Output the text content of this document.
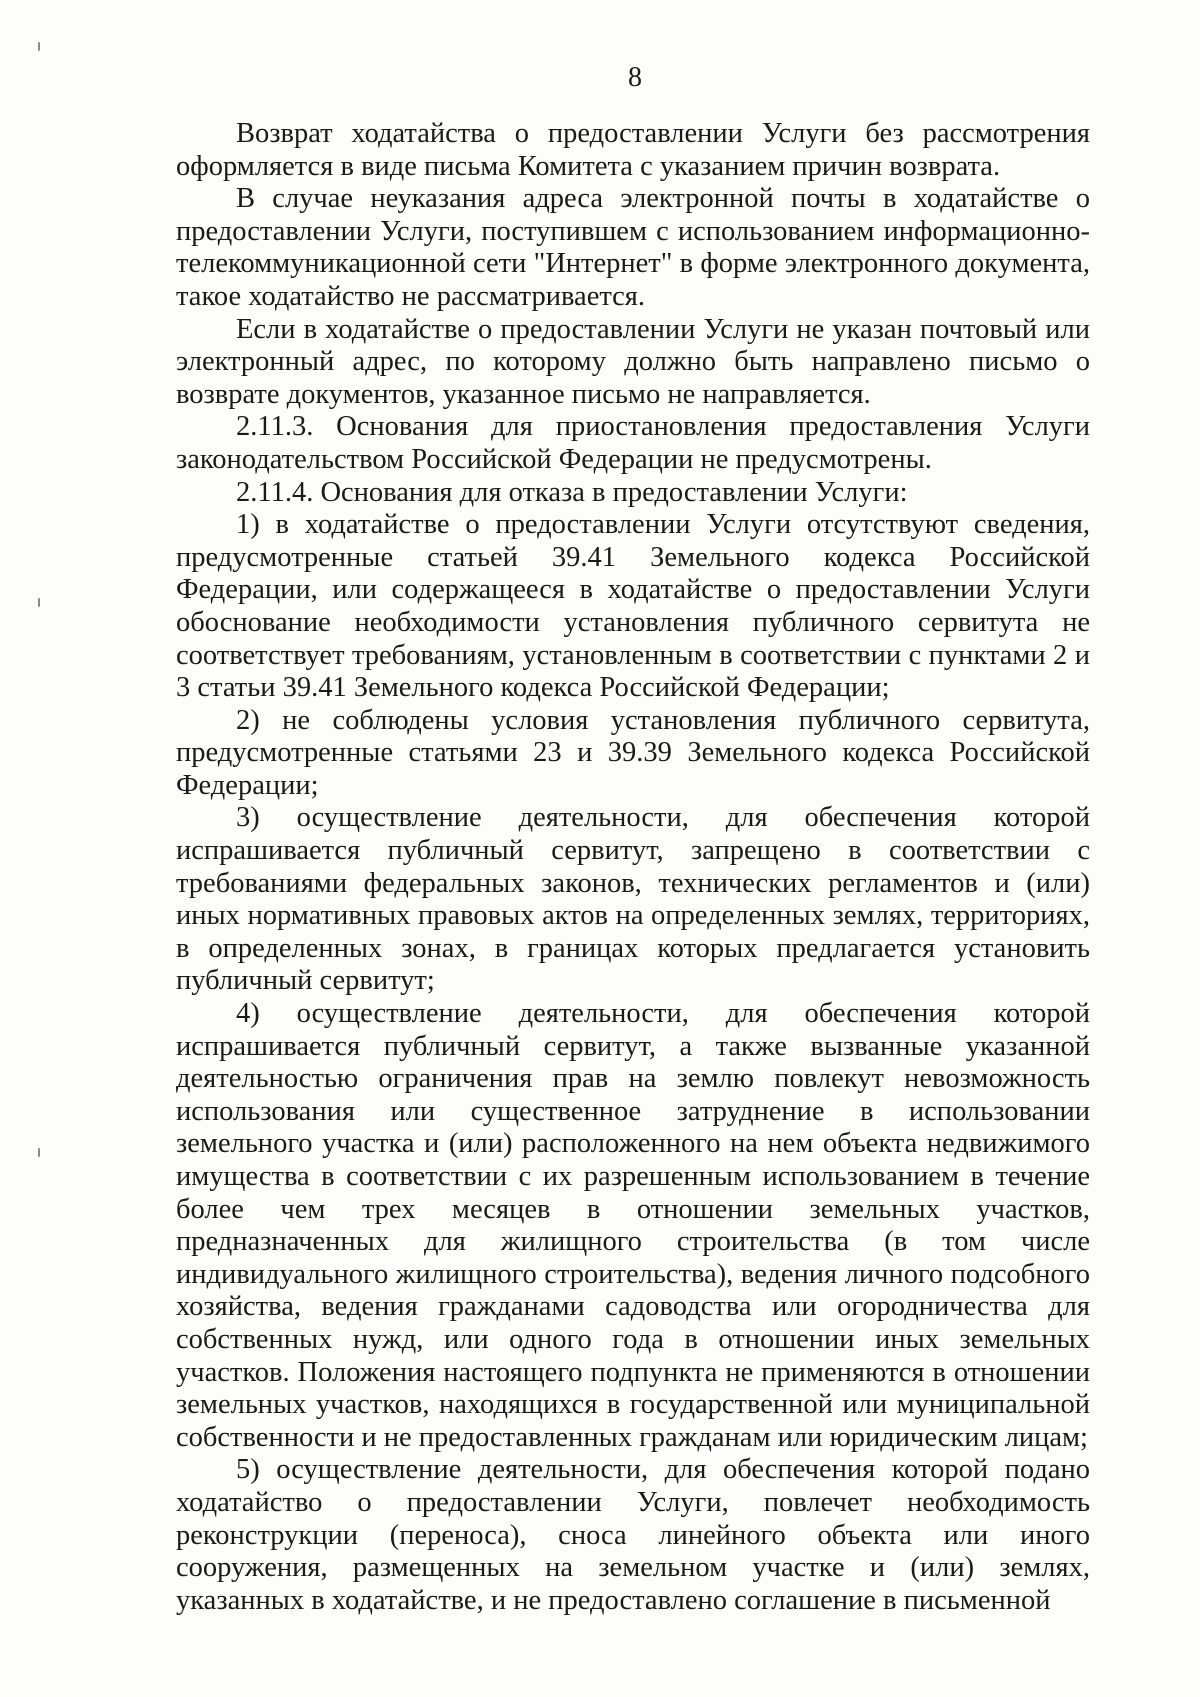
8

Возврат ходатайства о предоставлении Услуги без рассмотрения оформляется в виде письма Комитета с указанием причин возврата.

В случае неуказания адреса электронной почты в ходатайстве о предоставлении Услуги, поступившем с использованием информационно-телекоммуникационной сети "Интернет" в форме электронного документа, такое ходатайство не рассматривается.

Если в ходатайстве о предоставлении Услуги не указан почтовый или электронный адрес, по которому должно быть направлено письмо о возврате документов, указанное письмо не направляется.

2.11.3. Основания для приостановления предоставления Услуги законодательством Российской Федерации не предусмотрены.

2.11.4. Основания для отказа в предоставлении Услуги:

1) в ходатайстве о предоставлении Услуги отсутствуют сведения, предусмотренные статьей 39.41 Земельного кодекса Российской Федерации, или содержащееся в ходатайстве о предоставлении Услуги обоснование необходимости установления публичного сервитута не соответствует требованиям, установленным в соответствии с пунктами 2 и 3 статьи 39.41 Земельного кодекса Российской Федерации;

2) не соблюдены условия установления публичного сервитута, предусмотренные статьями 23 и 39.39 Земельного кодекса Российской Федерации;

3) осуществление деятельности, для обеспечения которой испрашивается публичный сервитут, запрещено в соответствии с требованиями федеральных законов, технических регламентов и (или) иных нормативных правовых актов на определенных землях, территориях, в определенных зонах, в границах которых предлагается установить публичный сервитут;

4) осуществление деятельности, для обеспечения которой испрашивается публичный сервитут, а также вызванные указанной деятельностью ограничения прав на землю повлекут невозможность использования или существенное затруднение в использовании земельного участка и (или) расположенного на нем объекта недвижимого имущества в соответствии с их разрешенным использованием в течение более чем трех месяцев в отношении земельных участков, предназначенных для жилищного строительства (в том числе индивидуального жилищного строительства), ведения личного подсобного хозяйства, ведения гражданами садоводства или огородничества для собственных нужд, или одного года в отношении иных земельных участков. Положения настоящего подпункта не применяются в отношении земельных участков, находящихся в государственной или муниципальной собственности и не предоставленных гражданам или юридическим лицам;

5) осуществление деятельности, для обеспечения которой подано ходатайство о предоставлении Услуги, повлечет необходимость реконструкции (переноса), сноса линейного объекта или иного сооружения, размещенных на земельном участке и (или) землях, указанных в ходатайстве, и не предоставлено соглашение в письменной
